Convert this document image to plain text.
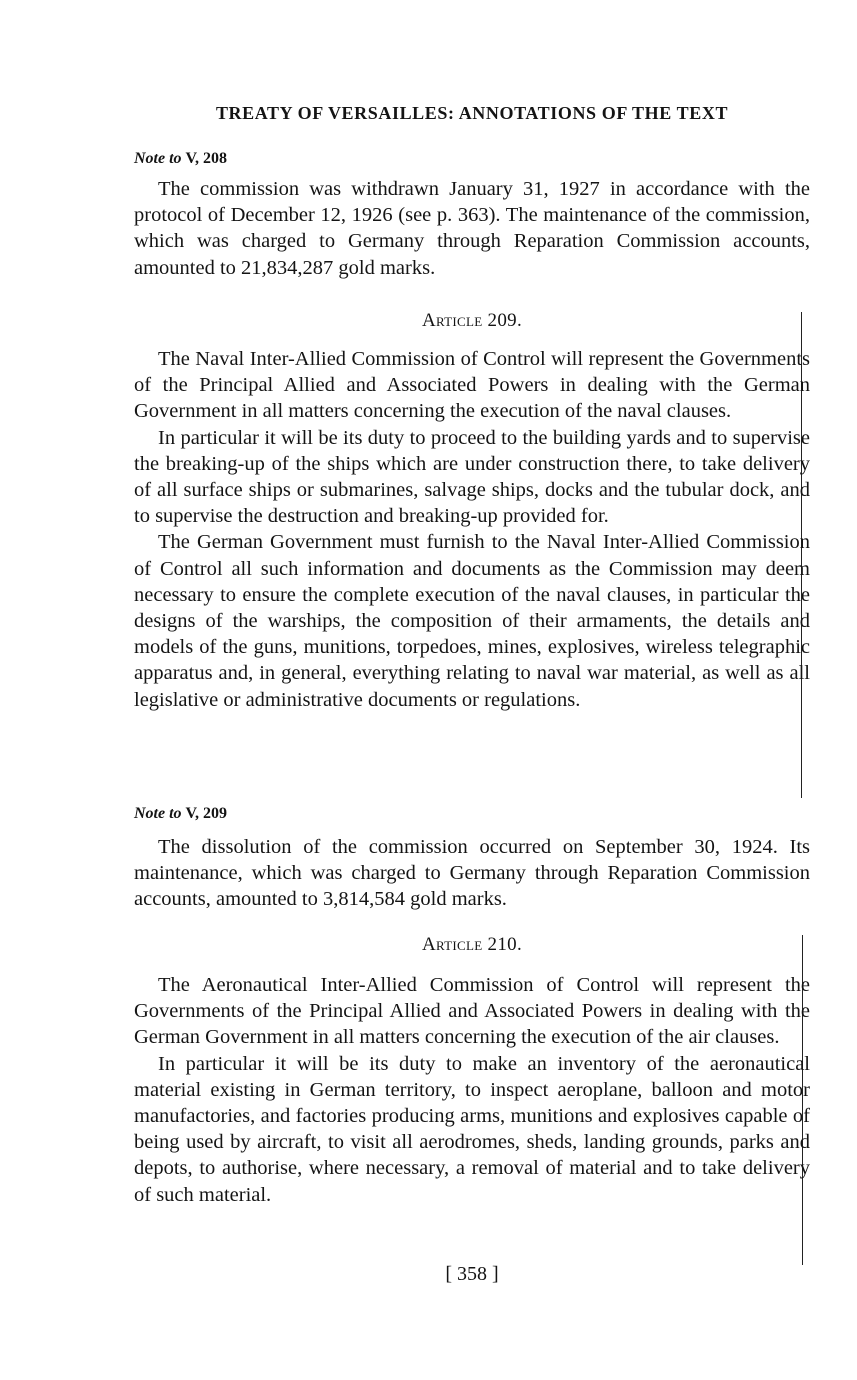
TREATY OF VERSAILLES: ANNOTATIONS OF THE TEXT
Note to V, 208

The commission was withdrawn January 31, 1927 in accordance with the protocol of December 12, 1926 (see p. 363). The maintenance of the commission, which was charged to Germany through Reparation Commission accounts, amounted to 21,834,287 gold marks.

Article 209.

The Naval Inter-Allied Commission of Control will represent the Governments of the Principal Allied and Associated Powers in dealing with the German Government in all matters concerning the execution of the naval clauses.

In particular it will be its duty to proceed to the building yards and to supervise the breaking-up of the ships which are under construction there, to take delivery of all surface ships or submarines, salvage ships, docks and the tubular dock, and to supervise the destruction and breaking-up provided for.

The German Government must furnish to the Naval Inter-Allied Commission of Control all such information and documents as the Commission may deem necessary to ensure the complete execution of the naval clauses, in particular the designs of the warships, the composition of their armaments, the details and models of the guns, munitions, torpedoes, mines, explosives, wireless telegraphic apparatus and, in general, everything relating to naval war material, as well as all legislative or administrative documents or regulations.

Note to V, 209

The dissolution of the commission occurred on September 30, 1924. Its maintenance, which was charged to Germany through Reparation Commission accounts, amounted to 3,814,584 gold marks.

Article 210.

The Aeronautical Inter-Allied Commission of Control will represent the Governments of the Principal Allied and Associated Powers in dealing with the German Government in all matters concerning the execution of the air clauses.

In particular it will be its duty to make an inventory of the aeronautical material existing in German territory, to inspect aeroplane, balloon and motor manufactories, and factories producing arms, munitions and explosives capable of being used by aircraft, to visit all aerodromes, sheds, landing grounds, parks and depots, to authorise, where necessary, a removal of material and to take delivery of such material.

[ 358 ]
